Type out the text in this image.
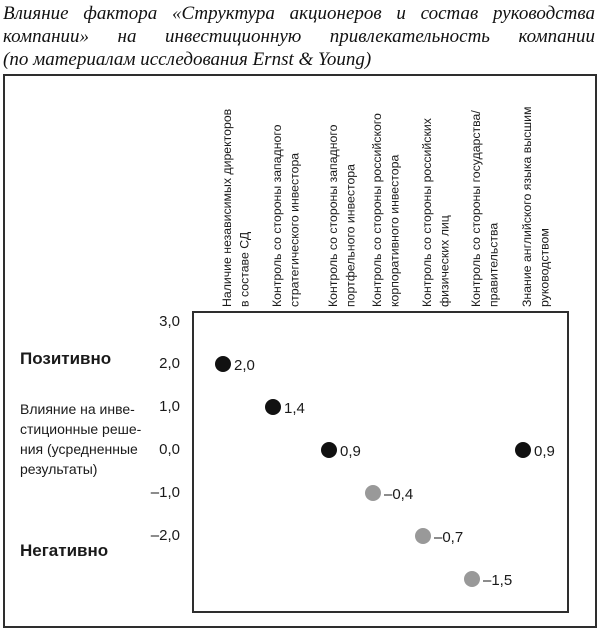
Влияние фактора «Структура акционеров и состав руководства
компании» на инвестиционную привлекательность компании
(по материалам исследования Ernst & Young)
Позитивно
Влияние на инве-
стиционные реше-
ния (усредненные
результаты)
Негативно
3,0
2,0
1,0
0,0
–1,0
–2,0
Наличие независимых директоров в составе СД
2,0
Контроль со стороны западного стратегического инвестора
1,4
Контроль со стороны западного портфельного инвестора
0,9
Контроль со стороны российского корпоративного инвестора
–0,4
Контроль со стороны российских физических лиц
–0,7
Контроль со стороны государства/ правительства
–1,5
Знание английского языка высшим руководством
0,9
